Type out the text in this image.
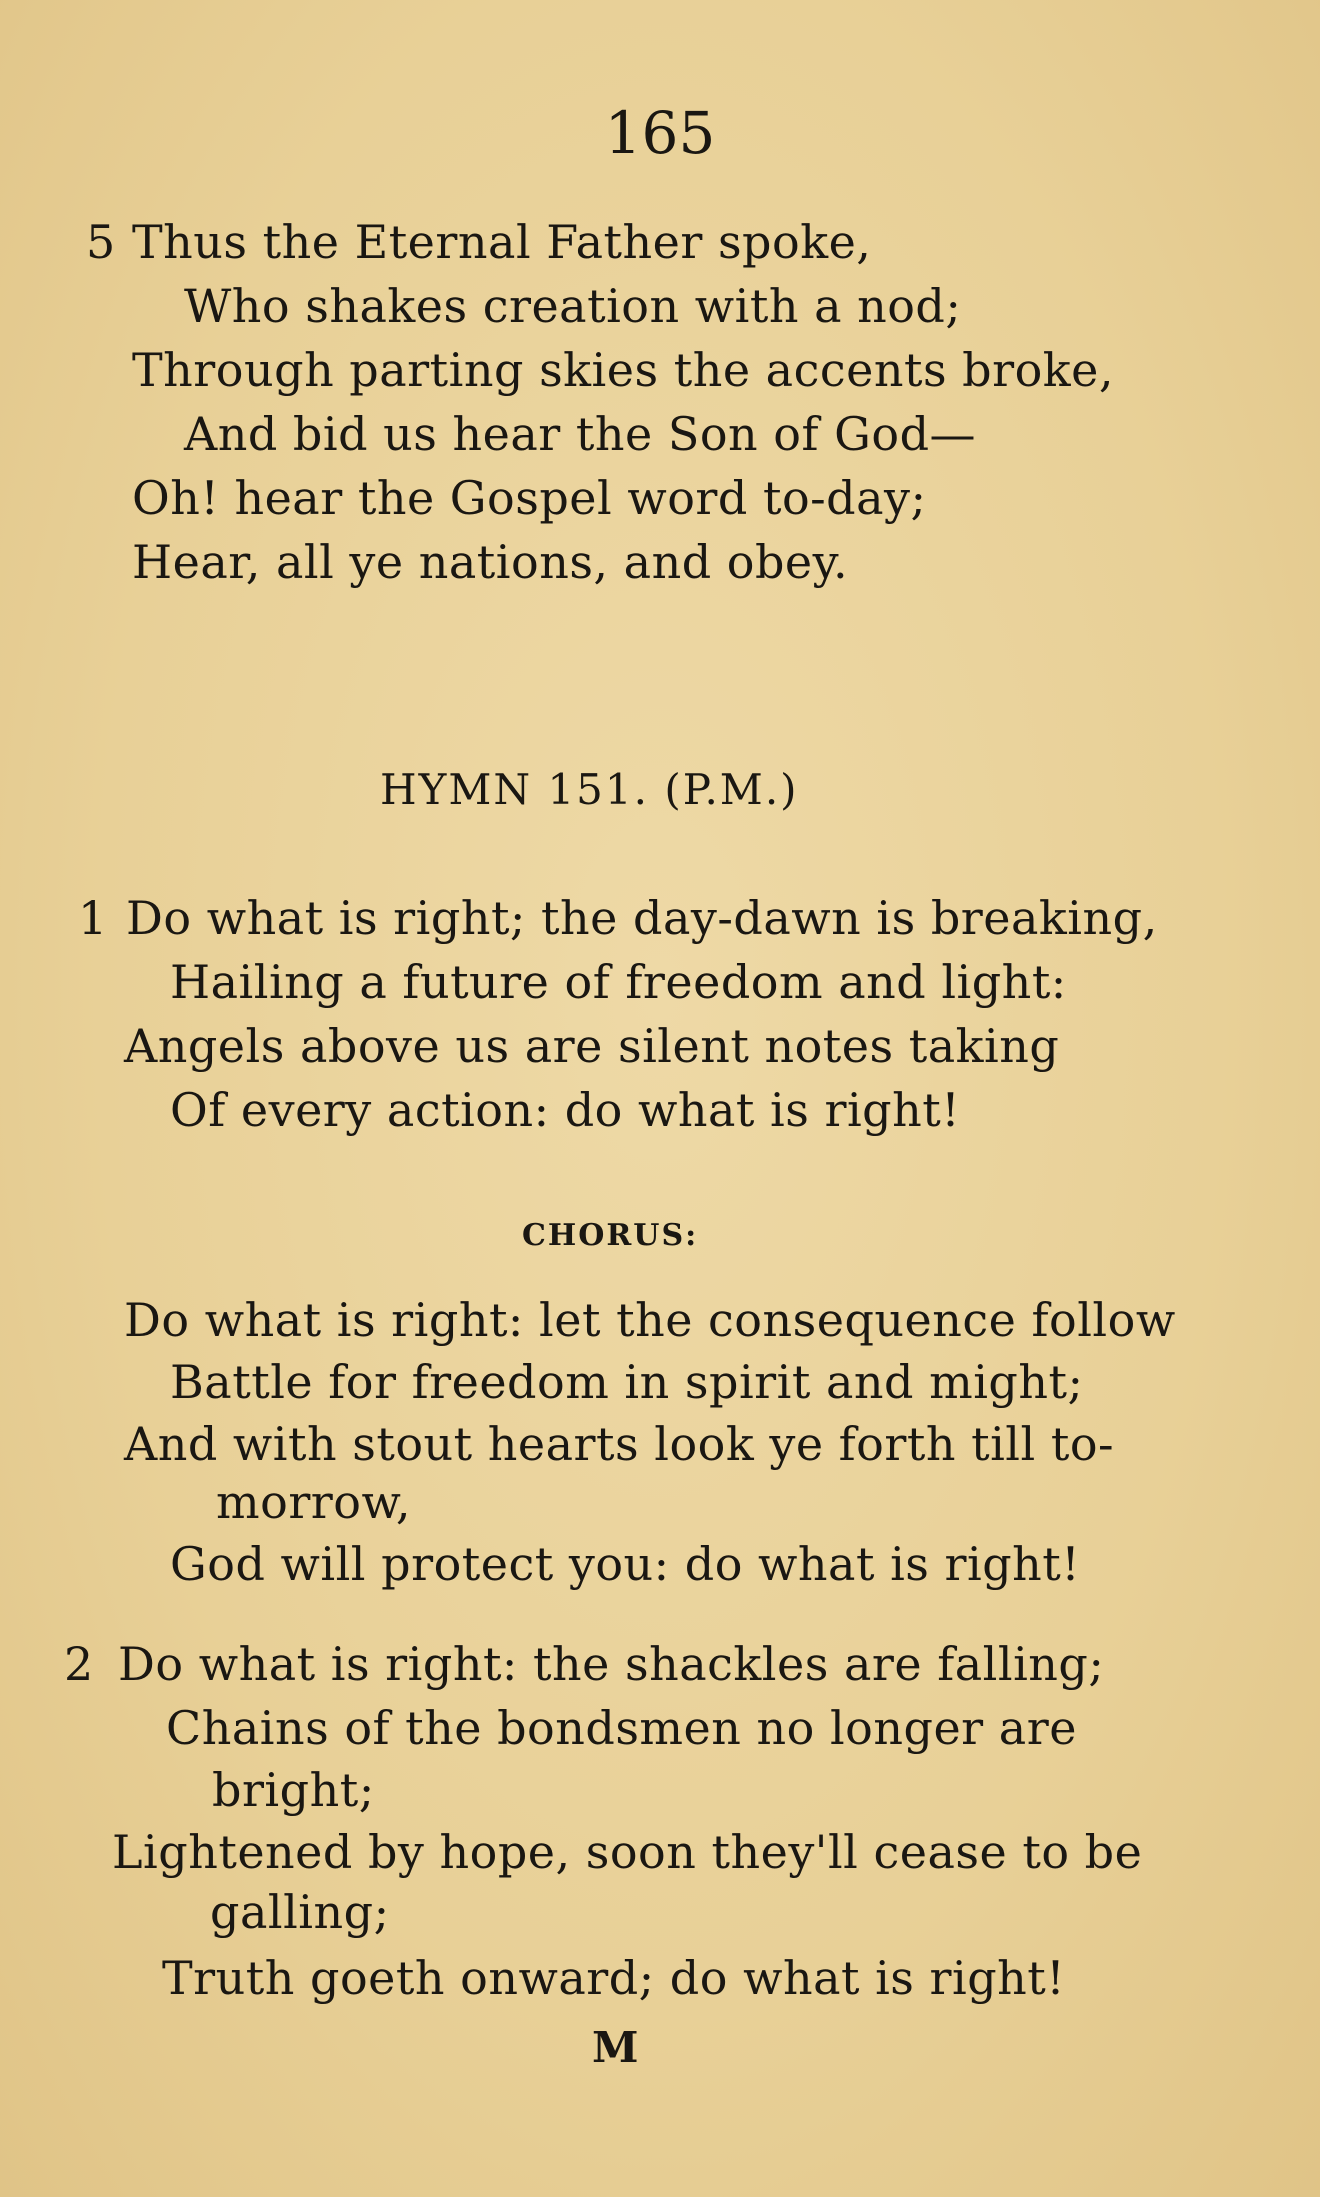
165
5 Thus the Eternal Father spoke,
Who shakes creation with a nod;
Through parting skies the accents broke,
And bid us hear the Son of God—
Oh! hear the Gospel word to-day;
Hear, all ye nations, and obey.
HYMN 151. (P.M.)
1 Do what is right; the day-dawn is breaking,
Hailing a future of freedom and light:
Angels above us are silent notes taking
Of every action: do what is right!
CHORUS:
Do what is right: let the consequence follow
Battle for freedom in spirit and might;
And with stout hearts look ye forth till to-
morrow,
God will protect you: do what is right!
2 Do what is right: the shackles are falling;
Chains of the bondsmen no longer are
bright;
Lightened by hope, soon they'll cease to be
galling;
Truth goeth onward; do what is right!
M
